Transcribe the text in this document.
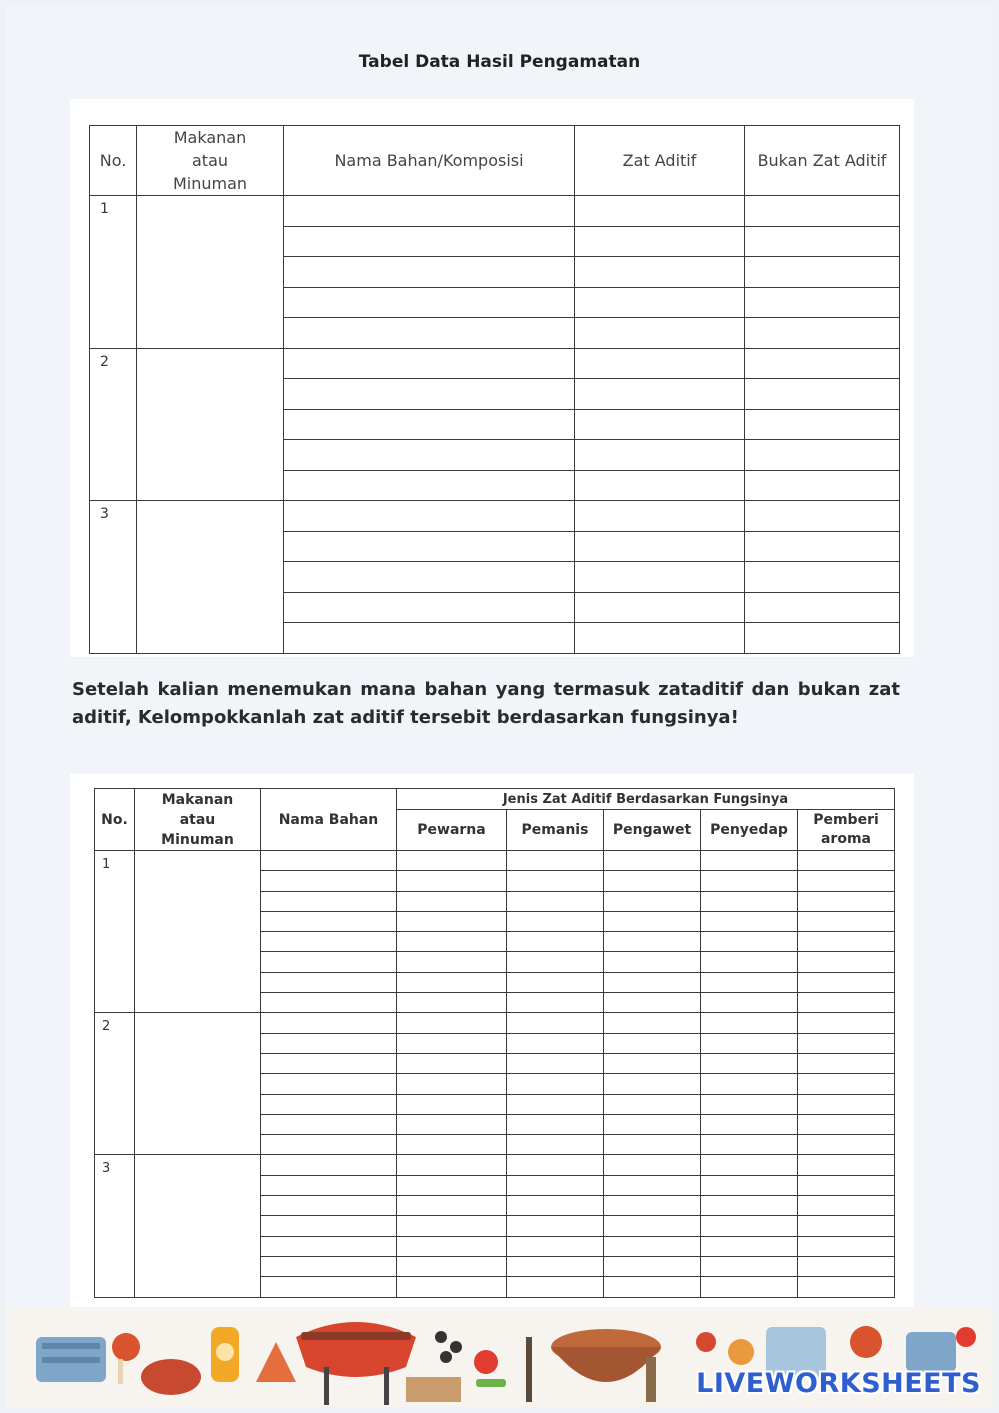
Tabel Data Hasil Pengamatan
No.	Makanan atau Minuman	Nama Bahan/Komposisi	Zat Aditif	Bukan Zat Aditif
1				

2				

3				

Setelah kalian menemukan mana bahan yang termasuk zataditif dan bukan zat aditif, Kelompokkanlah zat aditif tersebit berdasarkan fungsinya!
No.	Makanan atau Minuman	Nama Bahan	Jenis Zat Aditif Berdasarkan Fungsinya				
			Pewarna	Pemanis	Pengawet	Penyedap	Pemberi aroma
1							

2							

3							

LIVEWORKSHEETS
